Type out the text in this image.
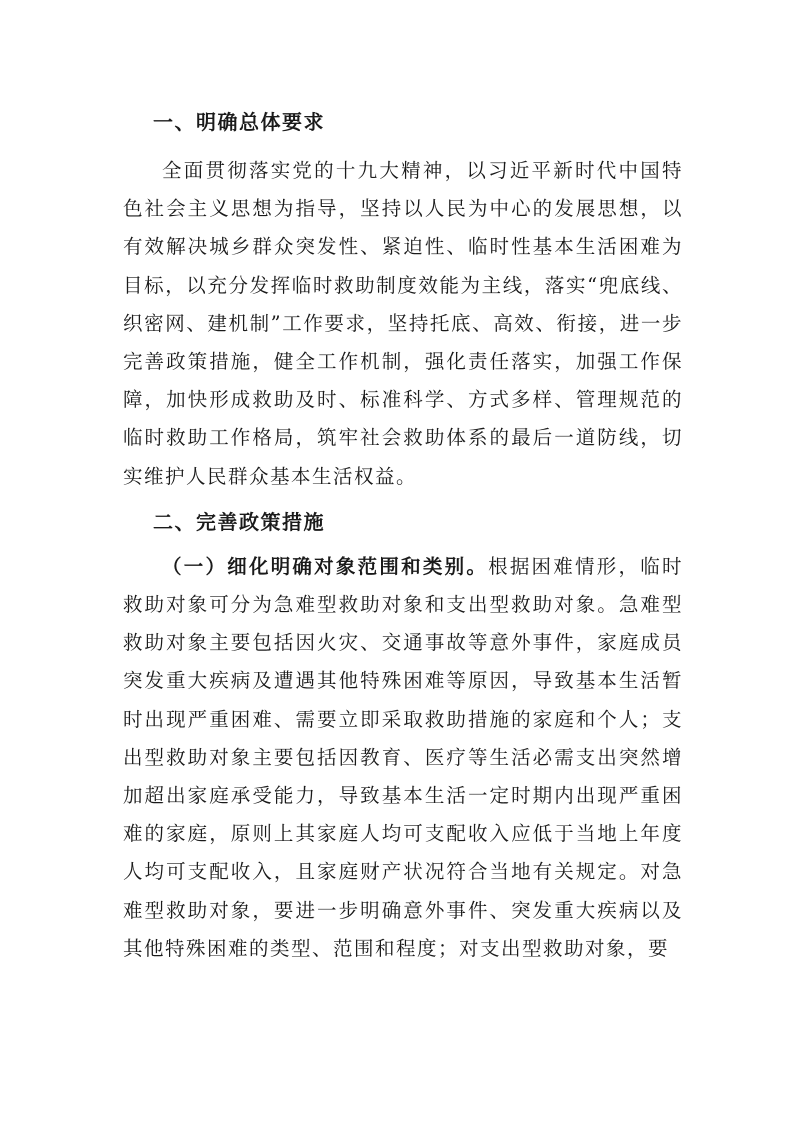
一、明确总体要求

全面贯彻落实党的十九大精神，以习近平新时代中国特色社会主义思想为指导，坚持以人民为中心的发展思想，以有效解决城乡群众突发性、紧迫性、临时性基本生活困难为目标，以充分发挥临时救助制度效能为主线，落实“兜底线、织密网、建机制”工作要求，坚持托底、高效、衔接，进一步完善政策措施，健全工作机制，强化责任落实，加强工作保障，加快形成救助及时、标准科学、方式多样、管理规范的临时救助工作格局，筑牢社会救助体系的最后一道防线，切实维护人民群众基本生活权益。

二、完善政策措施

（一）细化明确对象范围和类别。根据困难情形，临时救助对象可分为急难型救助对象和支出型救助对象。急难型救助对象主要包括因火灾、交通事故等意外事件，家庭成员突发重大疾病及遭遇其他特殊困难等原因，导致基本生活暂时出现严重困难、需要立即采取救助措施的家庭和个人；支出型救助对象主要包括因教育、医疗等生活必需支出突然增加超出家庭承受能力，导致基本生活一定时期内出现严重困难的家庭，原则上其家庭人均可支配收入应低于当地上年度人均可支配收入，且家庭财产状况符合当地有关规定。对急难型救助对象，要进一步明确意外事件、突发重大疾病以及其他特殊困难的类型、范围和程度；对支出型救助对象，要
